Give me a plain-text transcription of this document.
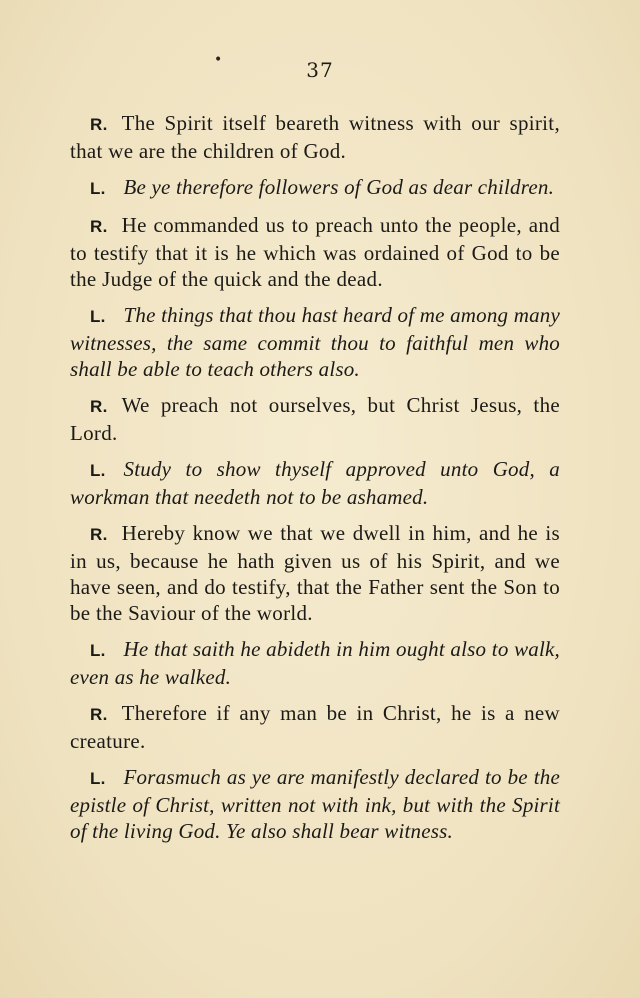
•	37

R. The Spirit itself beareth witness with our spirit, that we are the children of God.

L. Be ye therefore followers of God as dear children.

R. He commanded us to preach unto the people, and to testify that it is he which was ordained of God to be the Judge of the quick and the dead.

L. The things that thou hast heard of me among many witnesses, the same commit thou to faithful men who shall be able to teach others also.

R. We preach not ourselves, but Christ Jesus, the Lord.

L. Study to show thyself approved unto God, a workman that needeth not to be ashamed.

R. Hereby know we that we dwell in him, and he is in us, because he hath given us of his Spirit, and we have seen, and do testify, that the Father sent the Son to be the Saviour of the world.

L. He that saith he abideth in him ought also to walk, even as he walked.

R. Therefore if any man be in Christ, he is a new creature.

L. Forasmuch as ye are manifestly declared to be the epistle of Christ, written not with ink, but with the Spirit of the living God. Ye also shall bear witness.
